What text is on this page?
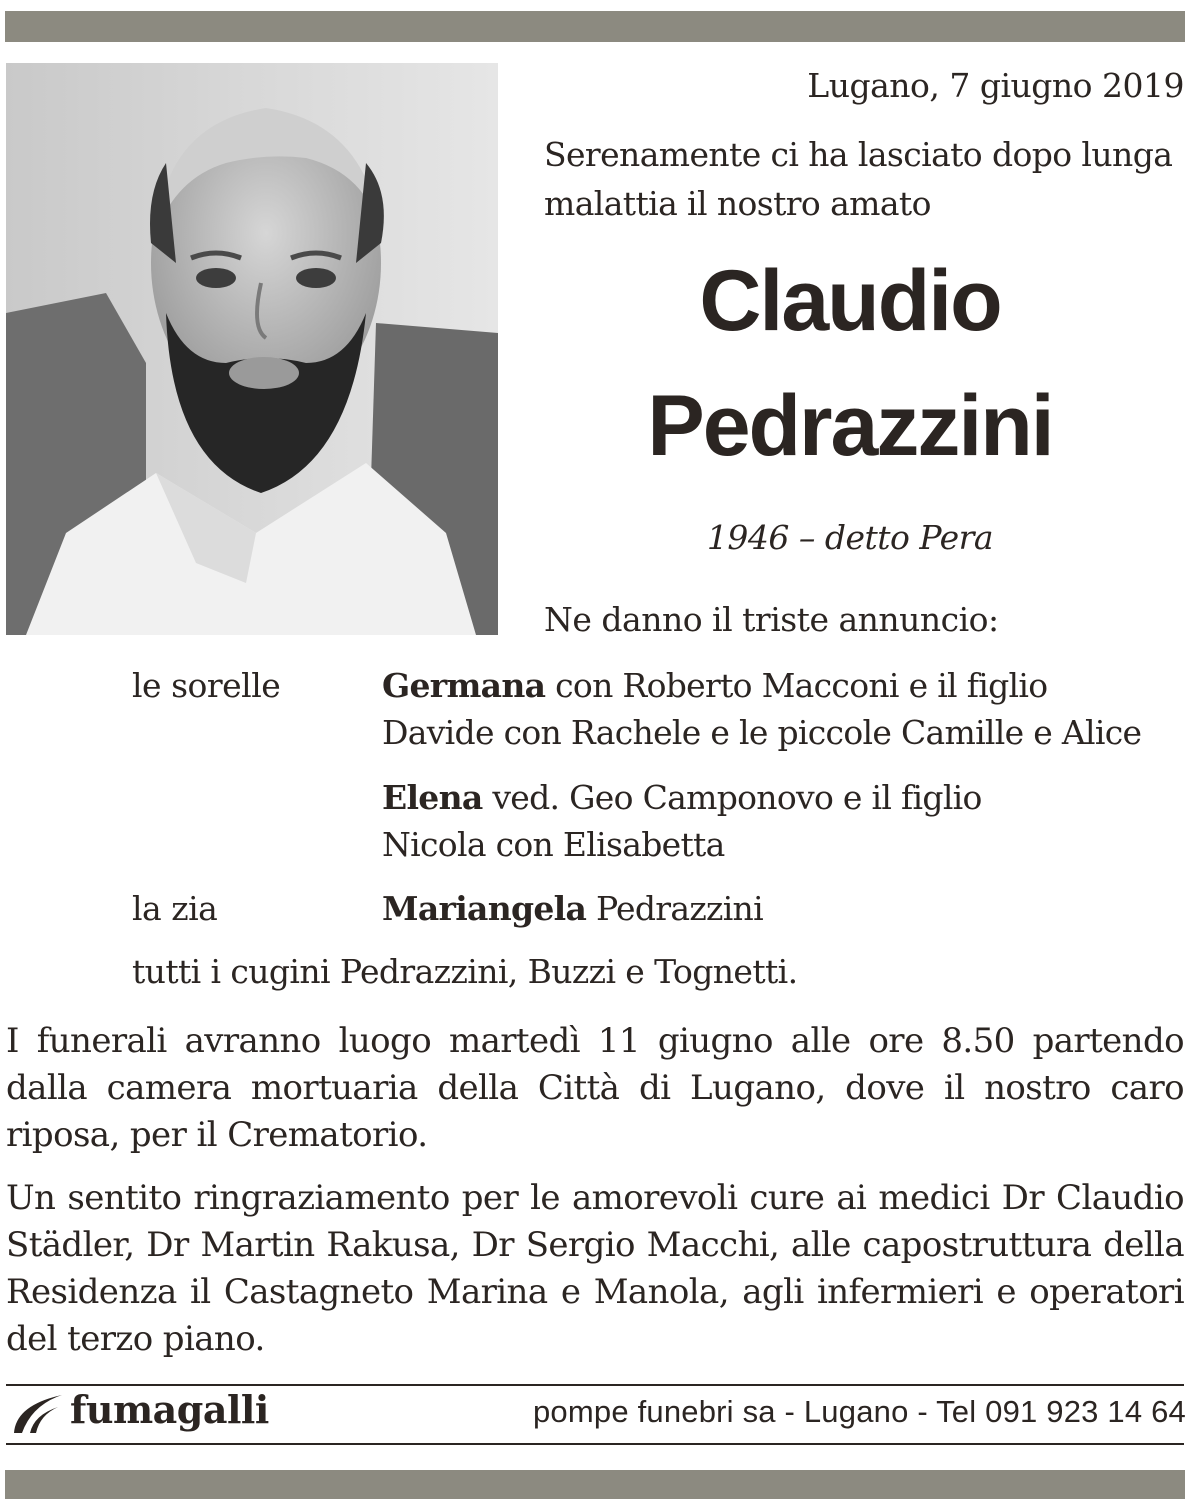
Lugano, 7 giugno 2019
Serenamente ci ha lasciato dopo lunga malattia il nostro amato
Claudio
Pedrazzini
1946 – detto Pera
Ne danno il triste annuncio:
le sorelle	Germana con Roberto Macconi e il figlio
Davide con Rachele e le piccole Camille e Alice
Elena ved. Geo Camponovo e il figlio
Nicola con Elisabetta
la zia	Mariangela Pedrazzini
tutti i cugini Pedrazzini, Buzzi e Tognetti.
I funerali avranno luogo martedì 11 giugno alle ore 8.50 partendo dalla camera mortuaria della Città di Lugano, dove il nostro caro riposa, per il Crematorio.
Un sentito ringraziamento per le amorevoli cure ai medici Dr Claudio Städler, Dr Martin Rakusa, Dr Sergio Macchi, alle capostruttura della Residenza il Castagneto Marina e Manola, agli infermieri e operatori del terzo piano.
fumagalli	pompe funebri sa - Lugano - Tel 091 923 14 64
